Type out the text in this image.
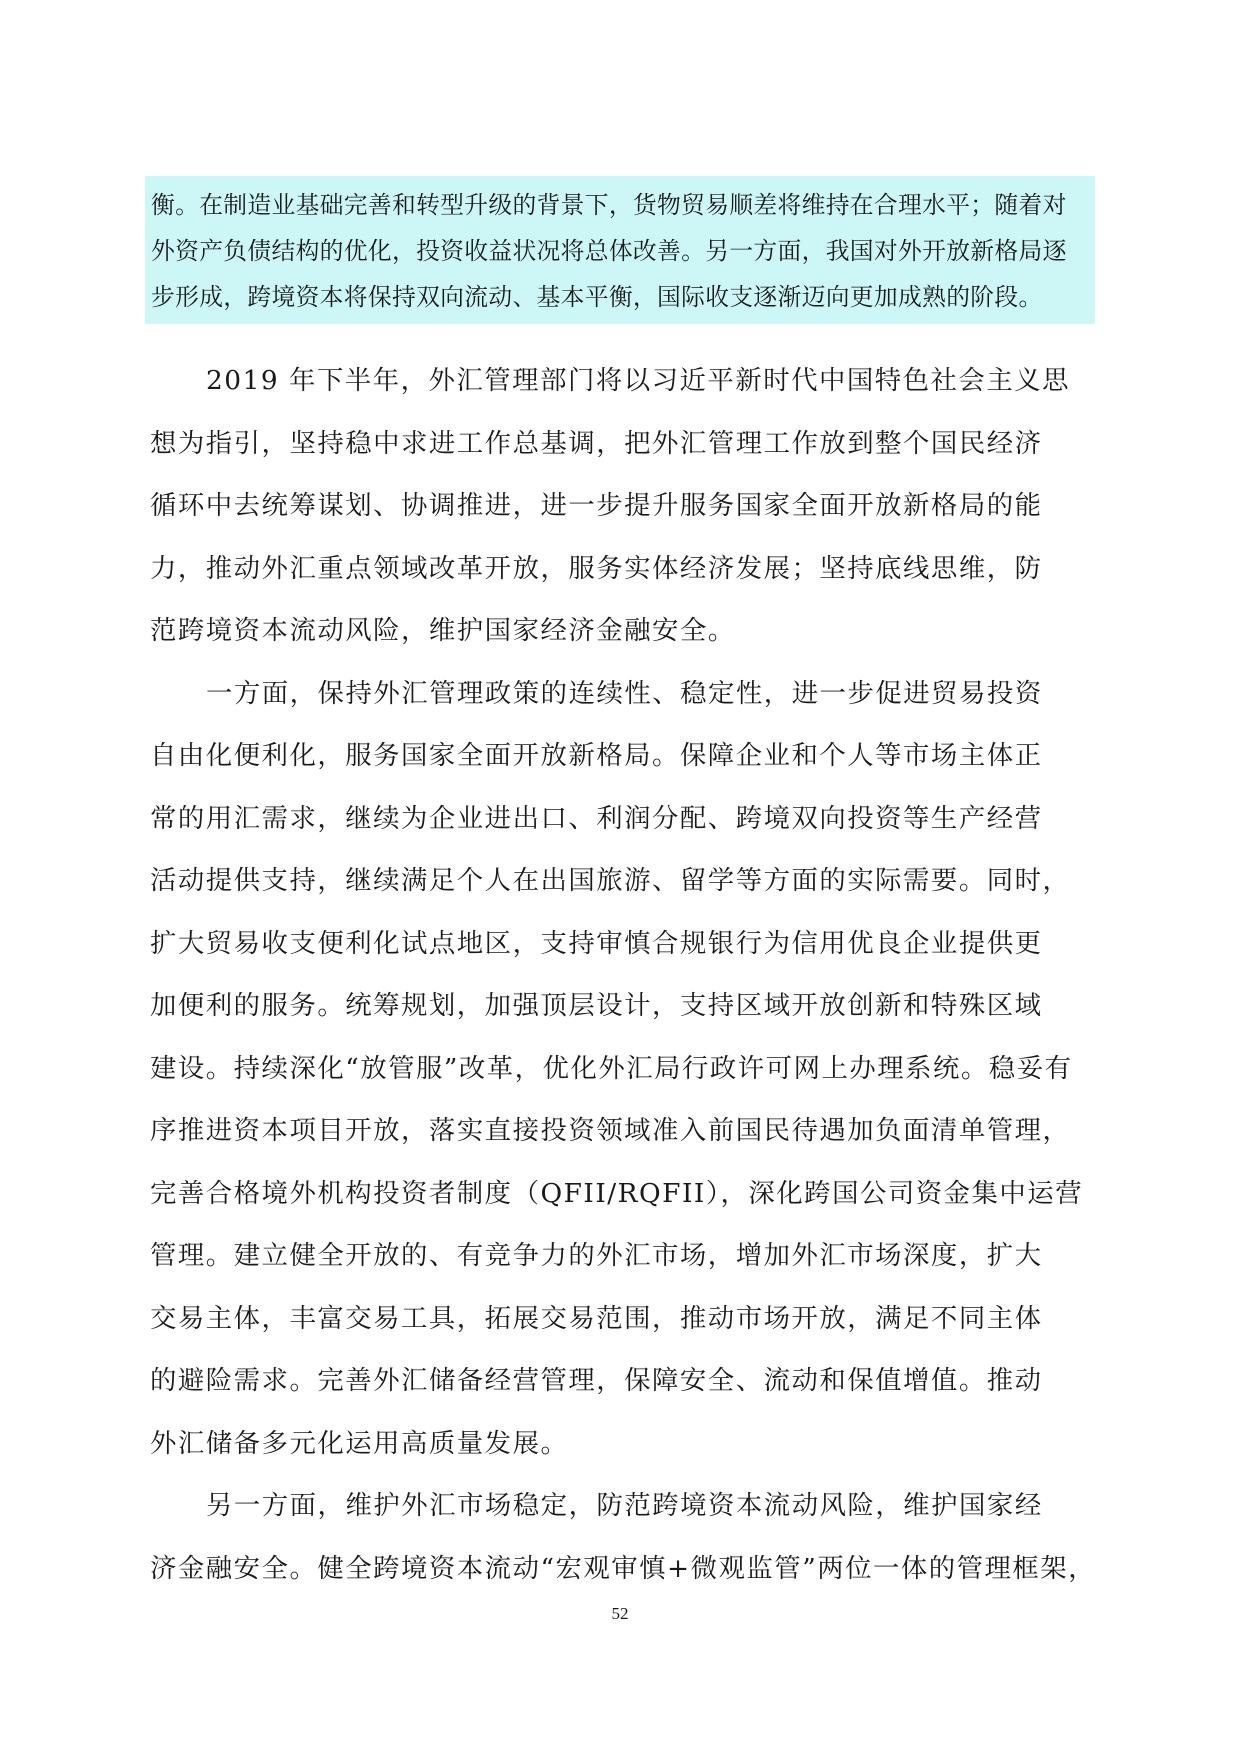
衡。在制造业基础完善和转型升级的背景下，货物贸易顺差将维持在合理水平；随着对
外资产负债结构的优化，投资收益状况将总体改善。另一方面，我国对外开放新格局逐
步形成，跨境资本将保持双向流动、基本平衡，国际收支逐渐迈向更加成熟的阶段。
2019 年下半年，外汇管理部门将以习近平新时代中国特色社会主义思
想为指引，坚持稳中求进工作总基调，把外汇管理工作放到整个国民经济
循环中去统筹谋划、协调推进，进一步提升服务国家全面开放新格局的能
力，推动外汇重点领域改革开放，服务实体经济发展；坚持底线思维，防
范跨境资本流动风险，维护国家经济金融安全。
一方面，保持外汇管理政策的连续性、稳定性，进一步促进贸易投资
自由化便利化，服务国家全面开放新格局。保障企业和个人等市场主体正
常的用汇需求，继续为企业进出口、利润分配、跨境双向投资等生产经营
活动提供支持，继续满足个人在出国旅游、留学等方面的实际需要。同时，
扩大贸易收支便利化试点地区，支持审慎合规银行为信用优良企业提供更
加便利的服务。统筹规划，加强顶层设计，支持区域开放创新和特殊区域
建设。持续深化“放管服”改革，优化外汇局行政许可网上办理系统。稳妥有
序推进资本项目开放，落实直接投资领域准入前国民待遇加负面清单管理，
完善合格境外机构投资者制度（QFII/RQFII），深化跨国公司资金集中运营
管理。建立健全开放的、有竞争力的外汇市场，增加外汇市场深度，扩大
交易主体，丰富交易工具，拓展交易范围，推动市场开放，满足不同主体
的避险需求。完善外汇储备经营管理，保障安全、流动和保值增值。推动
外汇储备多元化运用高质量发展。
另一方面，维护外汇市场稳定，防范跨境资本流动风险，维护国家经
济金融安全。健全跨境资本流动“宏观审慎+微观监管”两位一体的管理框架，
52
